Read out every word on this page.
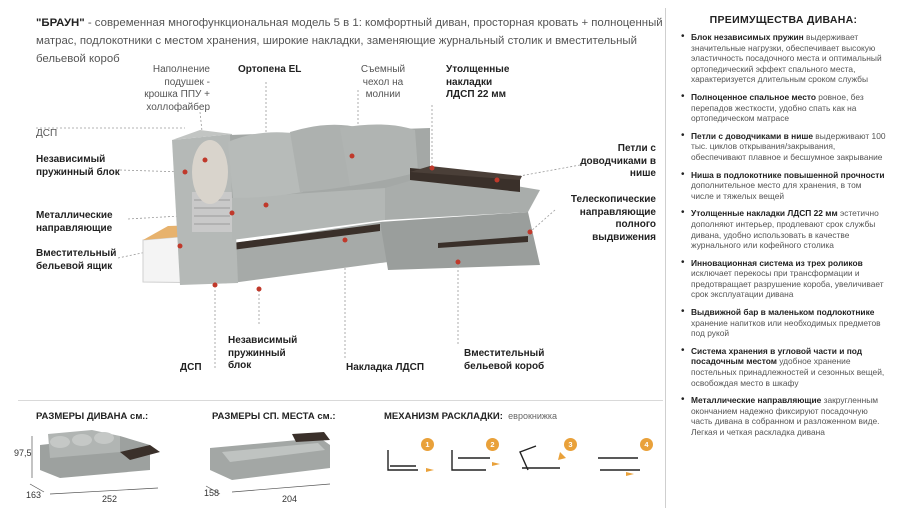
"БРАУН" - современная многофункциональная модель 5 в 1: комфортный диван, просторная кровать + полноценный матрас, подлокотники с местом хранения, широкие накладки, заменяющие журнальный столик и вместительный бельевой короб
Наполнение подушек - крошка ППУ + холлофайбер
Ортопена EL	Съемный чехол на молнии
Утолщенные накладки ЛДСП 22 мм
ДСП
Независимый пружинный блок
Металлические направляющие
Вместительный бельевой ящик
Петли с доводчиками в нише
Телескопические направляющие полного выдвижения
Независимый пружинный блок
ДСП	Накладка ЛДСП
Вместительный бельевой короб
РАЗМЕРЫ ДИВАНА см.:	РАЗМЕРЫ СП. МЕСТА см.:	МЕХАНИЗМ РАСКЛАДКИ: еврокнижка
97,5
163	252
158
204
1	2	3	4
ПРЕИМУЩЕСТВА ДИВАНА:
• Блок независимых пружин выдерживает значительные нагрузки, обеспечивает высокую эластичность посадочного места и оптимальный ортопедический эффект спального места, характеризуется длительным сроком службы
• Полноценное спальное место ровное, без перепадов жесткости, удобно спать как на ортопедическом матрасе
• Петли с доводчиками в нише выдерживают 100 тыс. циклов открывания/закрывания, обеспечивают плавное и бесшумное закрывание
• Ниша в подлокотнике повышенной прочности дополнительное место для хранения, в том числе и тяжелых вещей
• Утолщенные накладки ЛДСП 22 мм эстетично дополняют интерьер, продлевают срок службы дивана, удобно использовать в качестве журнального или кофейного столика
• Инновационная система из трех роликов исключает перекосы при трансформации и предотвращает разрушение короба, увеличивает срок эксплуатации дивана
• Выдвижной бар в маленьком подлокотнике хранение напитков или необходимых предметов под рукой
• Система хранения в угловой части и под посадочным местом удобное хранение постельных принадлежностей и сезонных вещей, освобождая место в шкафу
• Металлические направляющие закругленным окончанием надежно фиксируют посадочную часть дивана в собранном и разложенном виде. Легкая и четкая раскладка дивана
